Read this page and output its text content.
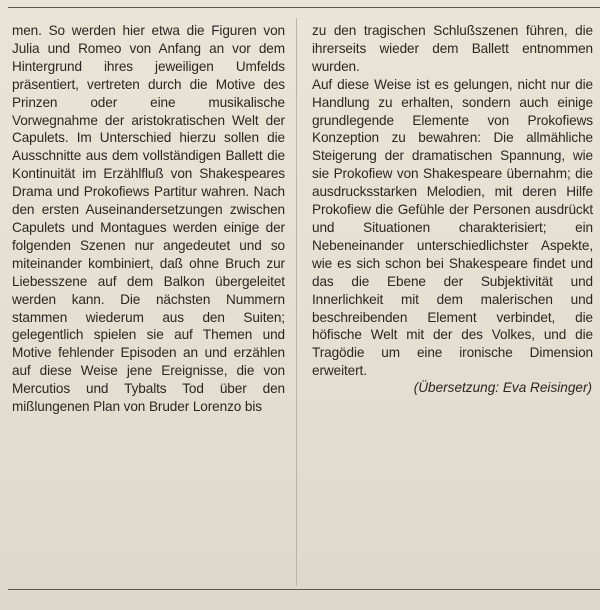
men. So werden hier etwa die Figuren von Julia und Romeo von Anfang an vor dem Hintergrund ihres jeweiligen Umfelds präsentiert, vertreten durch die Motive des Prinzen oder eine musikalische Vorwegnahme der aristokratischen Welt der Capulets. Im Unterschied hierzu sollen die Ausschnitte aus dem vollständigen Ballett die Kontinuität im Erzählfluß von Shakespeares Drama und Prokofiews Partitur wahren. Nach den ersten Auseinandersetzungen zwischen Capulets und Montagues werden einige der folgenden Szenen nur angedeutet und so miteinander kombiniert, daß ohne Bruch zur Liebesszene auf dem Balkon übergeleitet werden kann. Die nächsten Nummern stammen wiederum aus den Suiten; gelegentlich spielen sie auf Themen und Motive fehlender Episoden an und erzählen auf diese Weise jene Ereignisse, die von Mercutios und Tybalts Tod über den mißlungenen Plan von Bruder Lorenzo bis

zu den tragischen Schlußszenen führen, die ihrerseits wieder dem Ballett entnommen wurden.

Auf diese Weise ist es gelungen, nicht nur die Handlung zu erhalten, sondern auch einige grundlegende Elemente von Prokofiews Konzeption zu bewahren: Die allmähliche Steigerung der dramatischen Spannung, wie sie Prokofiew von Shakespeare übernahm; die ausdrucksstarken Melodien, mit deren Hilfe Prokofiew die Gefühle der Personen ausdrückt und Situationen charakterisiert; ein Nebeneinander unterschiedlichster Aspekte, wie es sich schon bei Shakespeare findet und das die Ebene der Subjektivität und Innerlichkeit mit dem malerischen und beschreibenden Element verbindet, die höfische Welt mit der des Volkes, und die Tragödie um eine ironische Dimension erweitert.

(Übersetzung: Eva Reisinger)
